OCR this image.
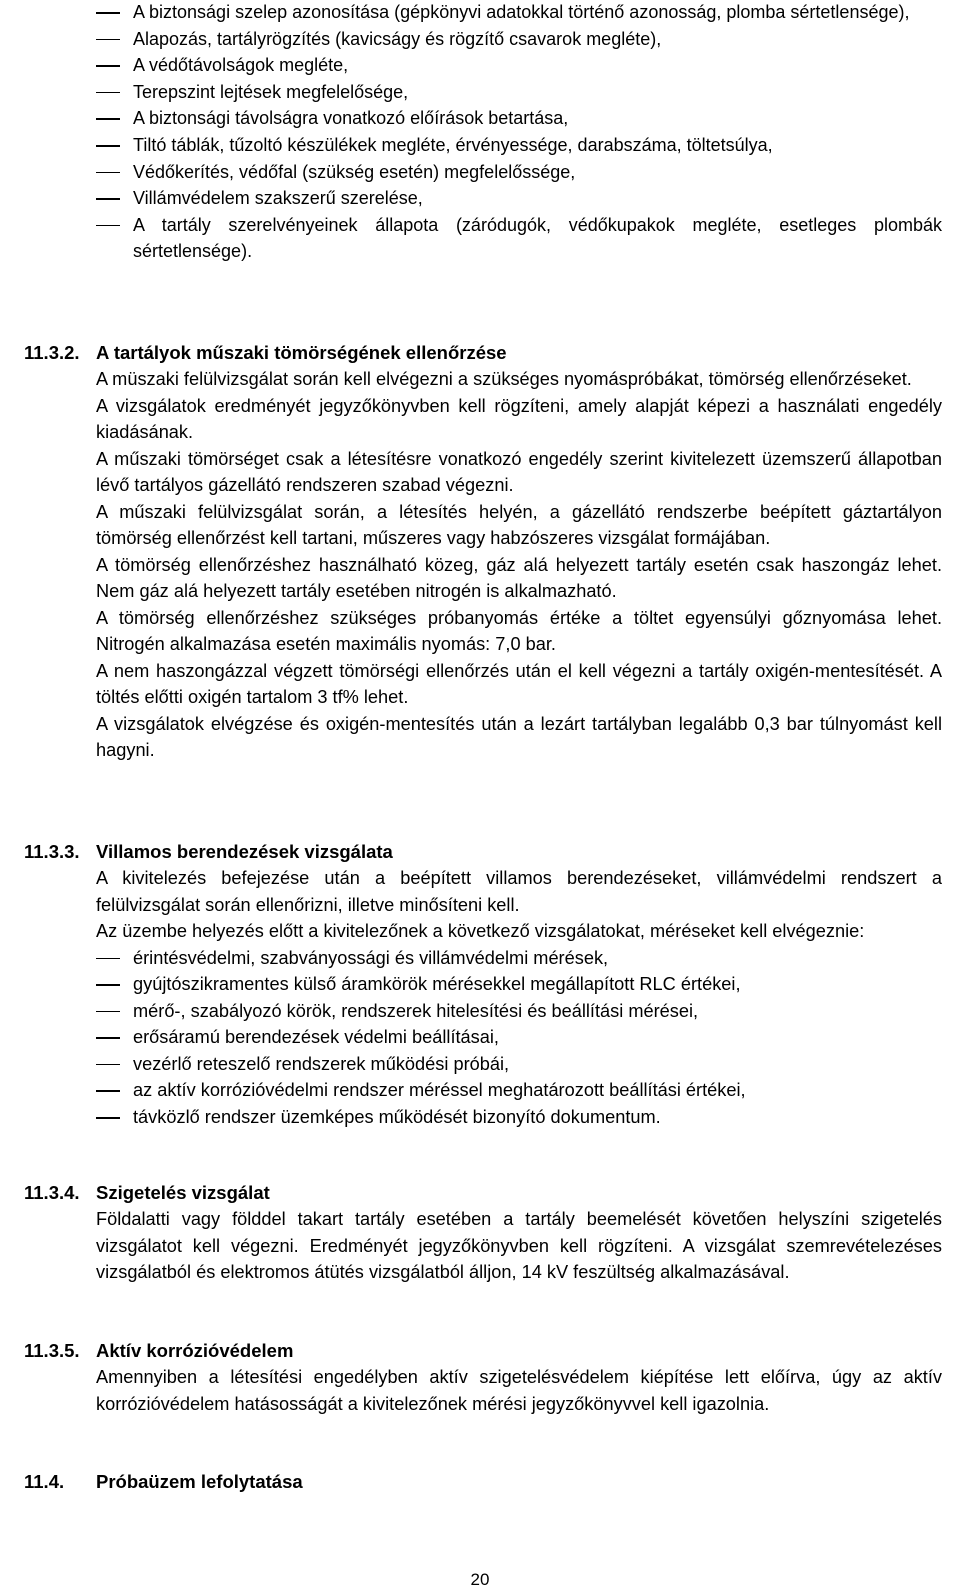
A biztonsági szelep azonosítása (gépkönyvi adatokkal történő azonosság, plomba sértetlensége),
Alapozás, tartályrögzítés (kavicságy és rögzítő csavarok megléte),
A védőtávolságok megléte,
Terepszint lejtések megfelelősége,
A biztonsági távolságra vonatkozó előírások betartása,
Tiltó táblák, tűzoltó készülékek megléte, érvényessége, darabszáma, töltetsúlya,
Védőkerítés, védőfal (szükség esetén) megfelelőssége,
Villámvédelem szakszerű szerelése,
A tartály szerelvényeinek állapota (záródugók, védőkupakok megléte, esetleges plombák sértetlensége).
11.3.2. A tartályok műszaki tömörségének ellenőrzése
A müszaki felülvizsgálat során kell elvégezni a szükséges nyomáspróbákat, tömörség ellenőrzéseket.
A vizsgálatok eredményét jegyzőkönyvben kell rögzíteni, amely alapját képezi a használati engedély kiadásának.
A műszaki tömörséget csak a létesítésre vonatkozó engedély szerint kivitelezett üzemszerű állapotban lévő tartályos gázellátó rendszeren szabad végezni.
A műszaki felülvizsgálat során, a létesítés helyén, a gázellátó rendszerbe beépített gáztartályon tömörség ellenőrzést kell tartani, műszeres vagy habzószeres vizsgálat formájában.
A tömörség ellenőrzéshez használható közeg, gáz alá helyezett tartály esetén csak haszongáz lehet. Nem gáz alá helyezett tartály esetében nitrogén is alkalmazható.
A tömörség ellenőrzéshez szükséges próbanyomás értéke a töltet egyensúlyi gőznyomása lehet. Nitrogén alkalmazása esetén maximális nyomás: 7,0 bar.
A nem haszongázzal végzett tömörségi ellenőrzés után el kell végezni a tartály oxigén-mentesítését. A töltés előtti oxigén tartalom 3 tf% lehet.
A vizsgálatok elvégzése és oxigén-mentesítés után a lezárt tartályban legalább 0,3 bar túlnyomást kell hagyni.
11.3.3. Villamos berendezések vizsgálata
A kivitelezés befejezése után a beépített villamos berendezéseket, villámvédelmi rendszert a felülvizsgálat során ellenőrizni, illetve minősíteni kell.
Az üzembe helyezés előtt a kivitelezőnek a következő vizsgálatokat, méréseket kell elvégeznie:
érintésvédelmi, szabványossági és villámvédelmi mérések,
gyújtószikramentes külső áramkörök mérésekkel megállapított RLC értékei,
mérő-, szabályozó körök, rendszerek hitelesítési és beállítási mérései,
erősáramú berendezések védelmi beállításai,
vezérlő reteszelő rendszerek működési próbái,
az aktív korrózióvédelmi rendszer méréssel meghatározott beállítási értékei,
távközlő rendszer üzemképes működését bizonyító dokumentum.
11.3.4. Szigetelés vizsgálat
Földalatti vagy földdel takart tartály esetében a tartály beemelését követően helyszíni szigetelés vizsgálatot kell végezni. Eredményét jegyzőkönyvben kell rögzíteni. A vizsgálat szemrevételezéses vizsgálatból és elektromos átütés vizsgálatból álljon, 14 kV feszültség alkalmazásával.
11.3.5. Aktív korrózióvédelem
Amennyiben a létesítési engedélyben aktív szigetelésvédelem kiépítése lett előírva, úgy az aktív korrózióvédelem hatásosságát a kivitelezőnek mérési jegyzőkönyvvel kell igazolnia.
11.4. Próbaüzem lefolytatása
20
